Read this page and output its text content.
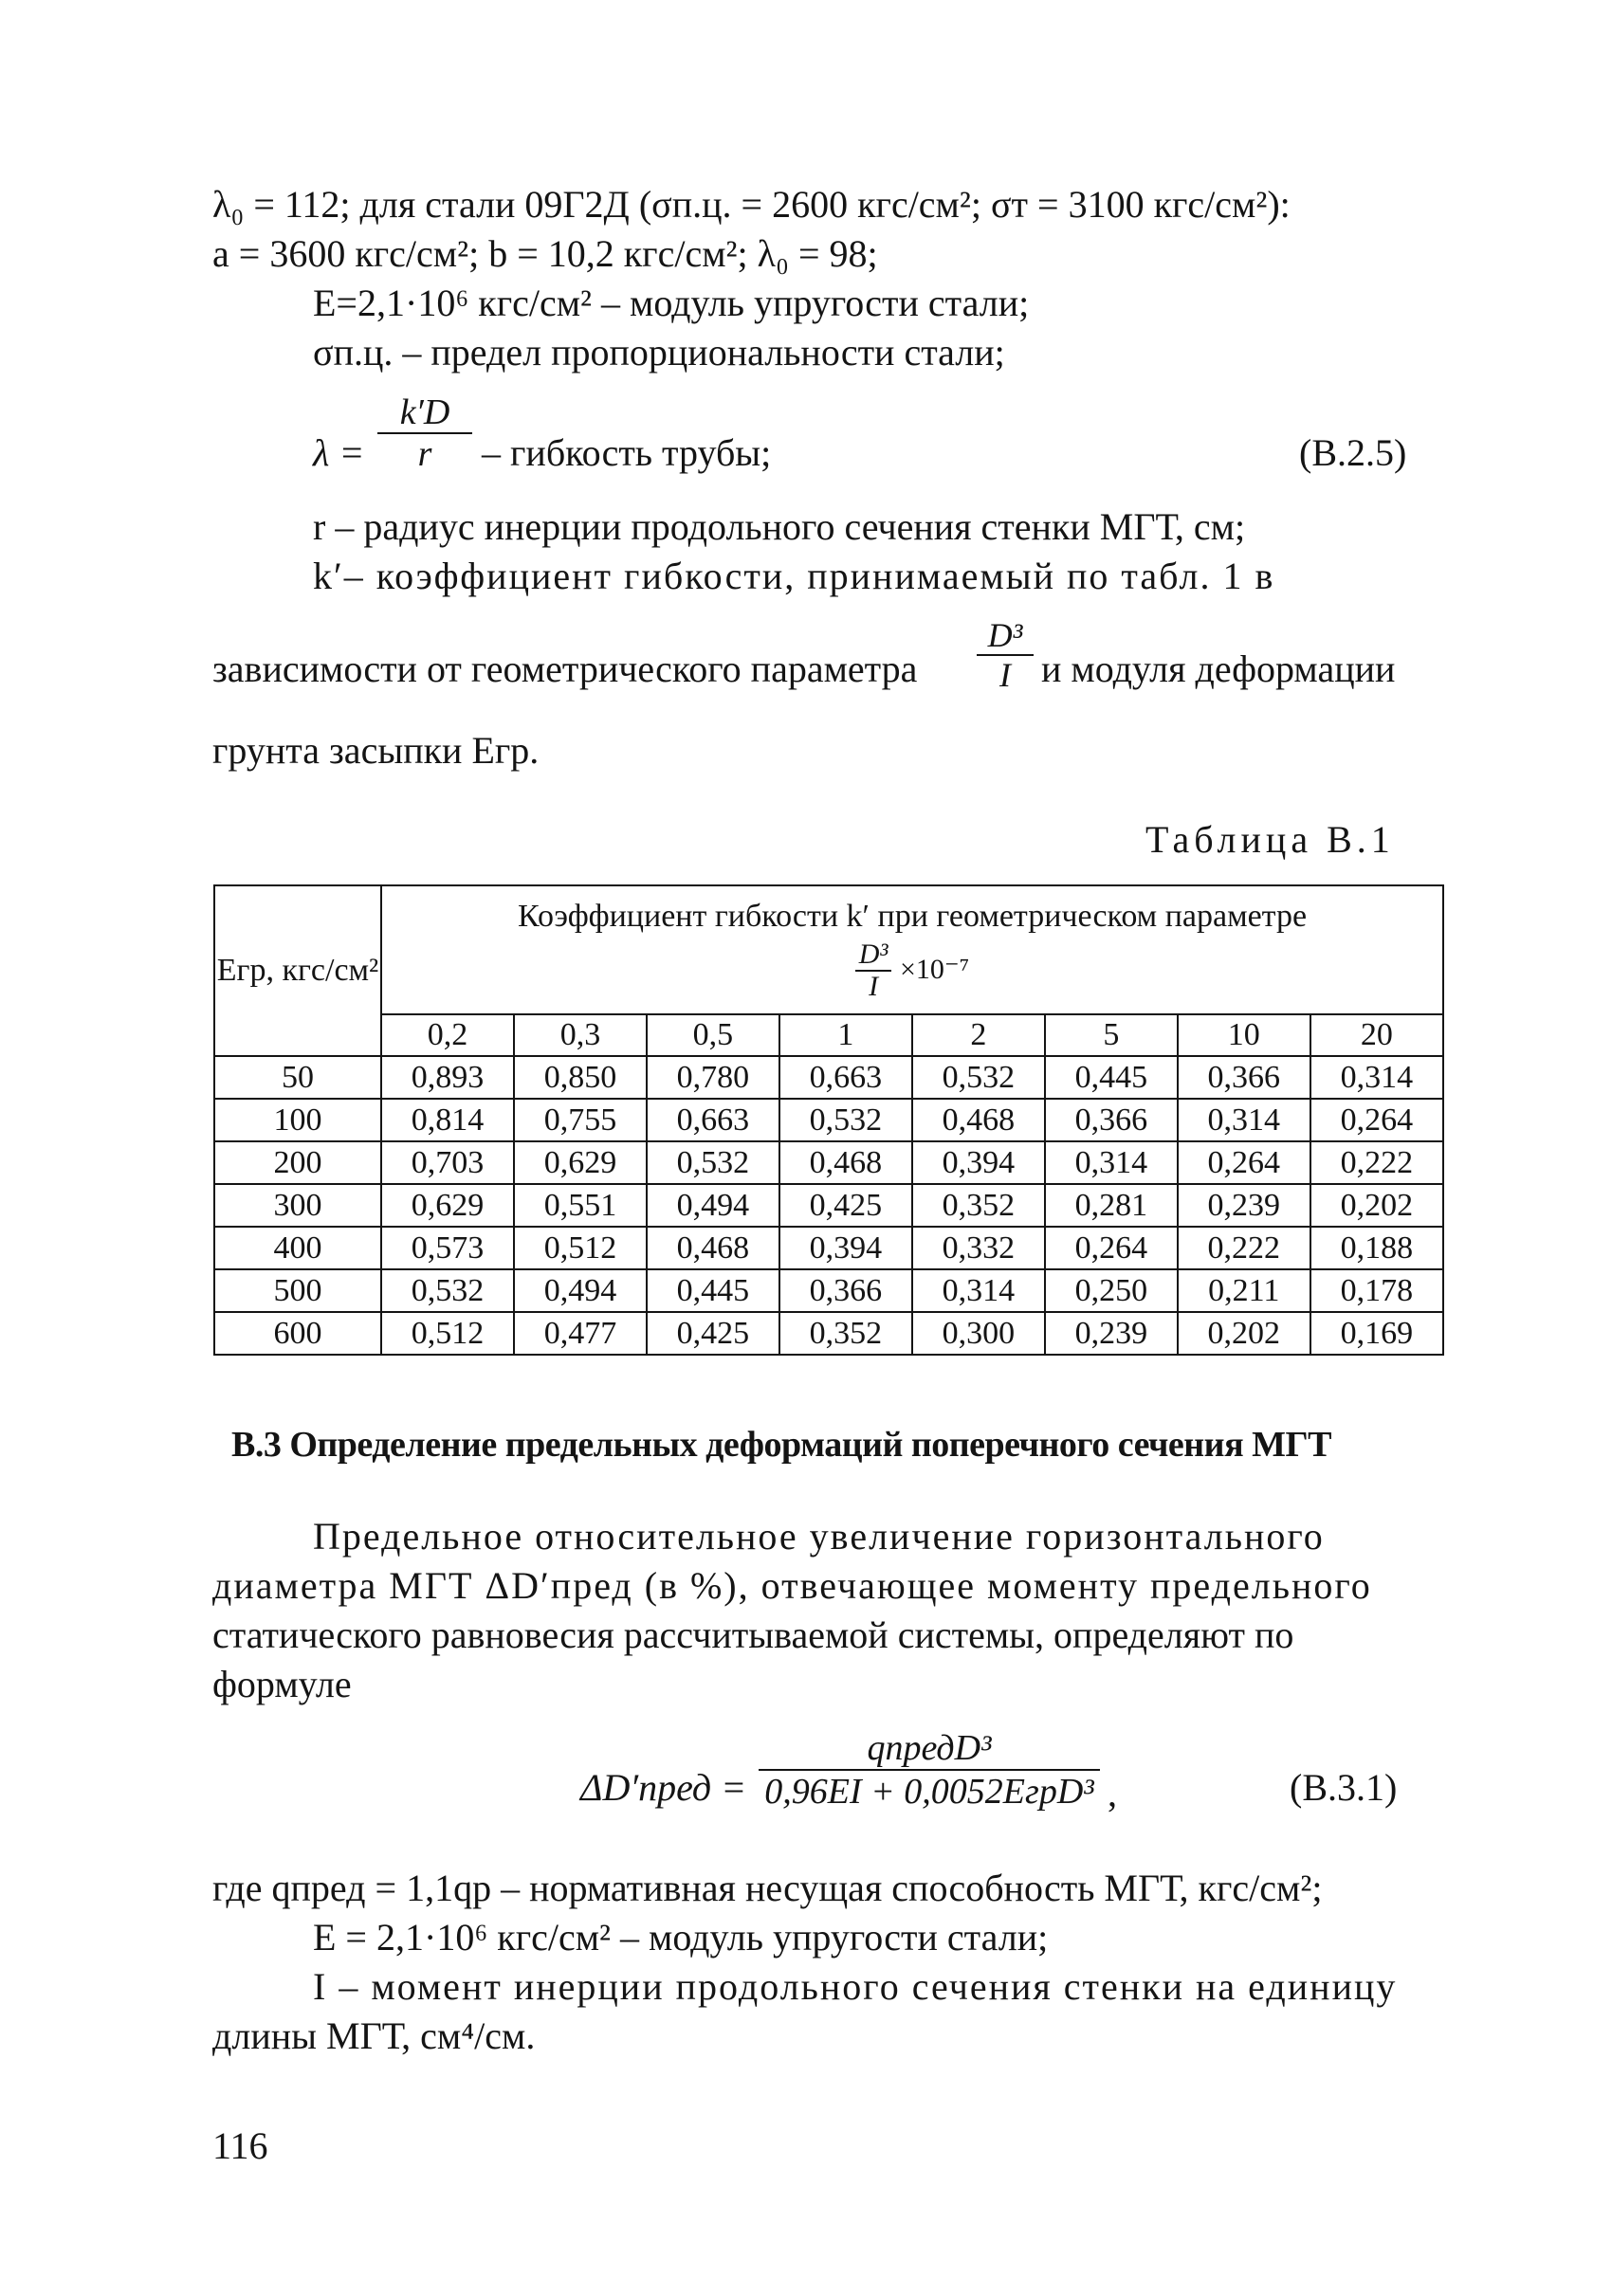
λ₀ = 112; для стали 09Г2Д (σп.ц. = 2600 кгс/см²; σт = 3100 кгс/см²):
a = 3600 кгс/см²; b = 10,2 кгс/см²; λ₀ = 98;
E=2,1·10⁶ кгс/см² – модуль упругости стали;
σп.ц. – предел пропорциональности стали;
$\lambda = \frac{k'D}{r}$ – гибкость трубы;	(В.2.5)
r – радиус инерции продольного сечения стенки МГТ, см;
k′– коэффициент гибкости, принимаемый по табл. 1 в
зависимости от геометрического параметра $\frac{\text{D³}}{I}$ и модуля деформации
грунта засыпки Eгр.
Таблица В.1
Eгр, кгс/см²	Коэффициент гибкости k′ при геометрическом параметре
$\frac{\text{D³}}{I} \times 10^{-7}$							

	0,2	0,3	0,5	1	2	5	10	20
50	0,893	0,850	0,780	0,663	0,532	0,445	0,366	0,314
100	0,814	0,755	0,663	0,532	0,468	0,366	0,314	0,264
200	0,703	0,629	0,532	0,468	0,394	0,314	0,264	0,222
300	0,629	0,551	0,494	0,425	0,352	0,281	0,239	0,202
400	0,573	0,512	0,468	0,394	0,332	0,264	0,222	0,188
500	0,532	0,494	0,445	0,366	0,314	0,250	0,211	0,178
600	0,512	0,477	0,425	0,352	0,300	0,239	0,202	0,169
В.3 Определение предельных деформаций поперечного сечения МГТ
Предельное относительное увеличение горизонтального
диаметра МГТ ΔD′пред (в %), отвечающее моменту предельного
статического равновесия рассчитываемой системы, определяют по
формуле
ΔD′пред =
qпредD³
0,96EI + 0,0052EгрD³ ,	(В.3.1)
где qпред = 1,1qр – нормативная несущая способность МГТ, кгс/см²;
E = 2,1·10⁶ кгс/см² – модуль упругости стали;
I – момент инерции продольного сечения стенки на единицу
длины МГТ, см⁴/см.
116
